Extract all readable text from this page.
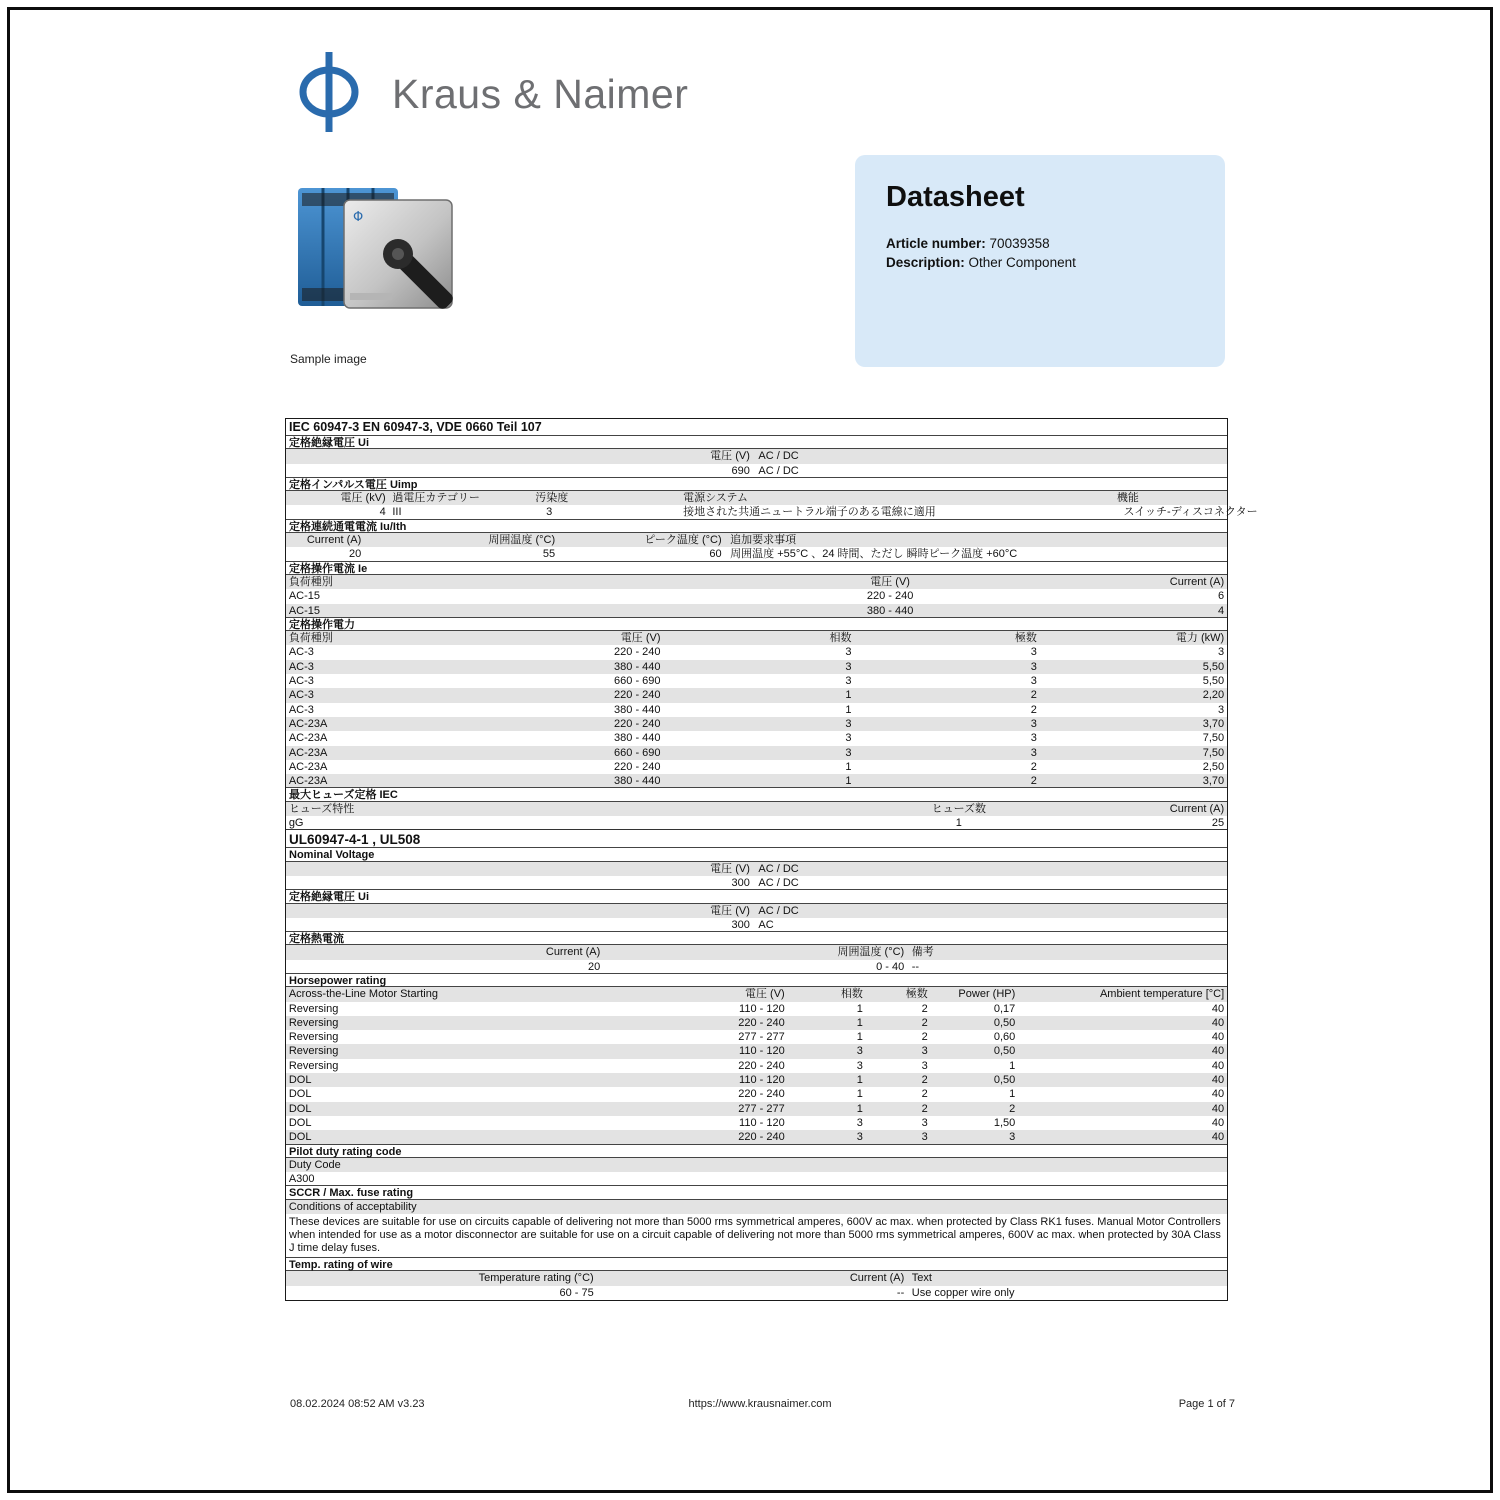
Kraus & Naimer
Φ
Sample image
Datasheet
Article number: 70039358
Description: Other Component
IEC 60947-3 EN 60947-3, VDE 0660 Teil 107
定格絶縁電圧 Ui
電圧 (V) AC / DC
690 AC / DC
定格インパルス電圧 Uimp
電圧 (kV) 過電圧カテゴリー	汚染度	電源システム	機能
4 III	3	接地された共通ニュートラル端子のある電線に適用	スイッチ-ディスコネクター
定格連続通電電流 Iu/Ith
Current (A)	周囲温度 (°C)	ピーク温度 (°C) 追加要求事項
20	55	60 周囲温度 +55°C 、24 時間、ただし 瞬時ピーク温度 +60°C
定格操作電流 Ie
負荷種別	電圧 (V)	Current (A)
AC-15	220 - 240	6
AC-15	380 - 440	4
定格操作電力
負荷種別	電圧 (V)	相数	極数	電力 (kW)
AC-3	220 - 240	3	3	3
AC-3	380 - 440	3	3	5,50
AC-3	660 - 690	3	3	5,50
AC-3	220 - 240	1	2	2,20
AC-3	380 - 440	1	2	3
AC-23A	220 - 240	3	3	3,70
AC-23A	380 - 440	3	3	7,50
AC-23A	660 - 690	3	3	7,50
AC-23A	220 - 240	1	2	2,50
AC-23A	380 - 440	1	2	3,70
最大ヒューズ定格 IEC
ヒューズ特性	ヒューズ数	Current (A)
gG	1	25
UL60947-4-1 , UL508
Nominal Voltage
電圧 (V) AC / DC
300 AC / DC
定格絶縁電圧 Ui
電圧 (V) AC / DC
300 AC
定格熱電流
Current (A)	周囲温度 (°C) 備考
20	0 - 40 --
Horsepower rating
Across-the-Line Motor Starting	電圧 (V)	相数	極数	Power (HP)	Ambient temperature [°C]
Reversing	110 - 120	1	2	0,17	40
Reversing	220 - 240	1	2	0,50	40
Reversing	277 - 277	1	2	0,60	40
Reversing	110 - 120	3	3	0,50	40
Reversing	220 - 240	3	3	1	40
DOL	110 - 120	1	2	0,50	40
DOL	220 - 240	1	2	1	40
DOL	277 - 277	1	2	2	40
DOL	110 - 120	3	3	1,50	40
DOL	220 - 240	3	3	3	40
Pilot duty rating code
Duty Code
A300
SCCR / Max. fuse rating
Conditions of acceptability
These devices are suitable for use on circuits capable of delivering not more than 5000 rms symmetrical amperes, 600V ac max. when protected by Class RK1 fuses. Manual Motor Controllers when intended for use as a motor disconnector are suitable for use on a circuit capable of delivering not more than 5000 rms symmetrical amperes, 600V ac max. when protected by 30A Class J time delay fuses.
Temp. rating of wire
Temperature rating (°C)	Current (A) Text
60 - 75	-- Use copper wire only
08.02.2024 08:52 AM v3.23	https://www.krausnaimer.com	Page 1 of 7
